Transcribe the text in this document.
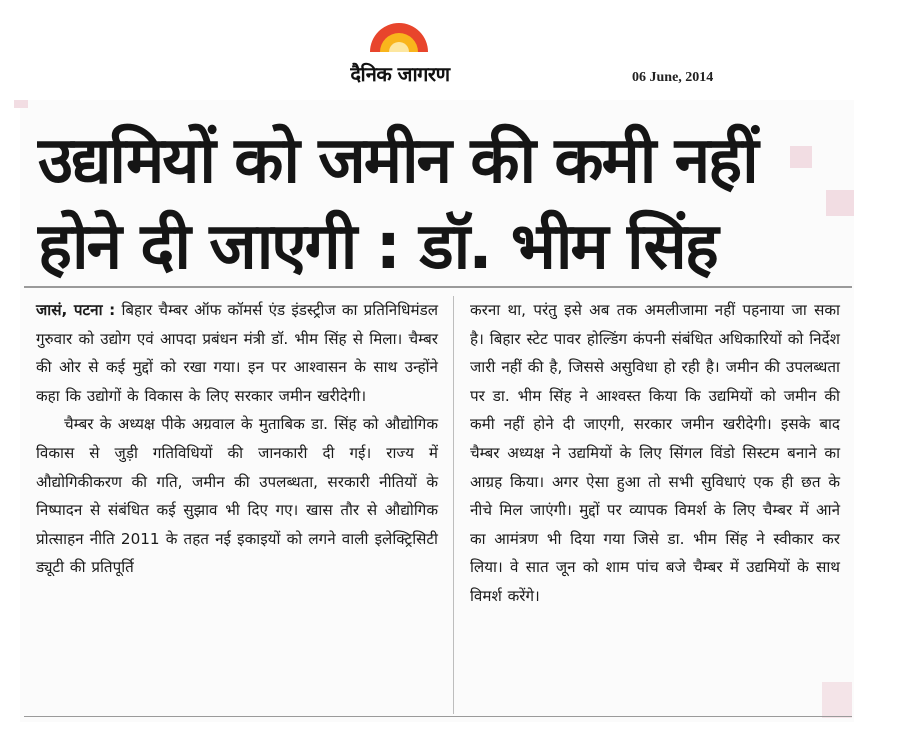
दैनिक जागरण	06 June, 2014
उद्यमियों को जमीन की कमी नहीं
होने दी जाएगी : डॉ. भीम सिंह
जासं, पटना : बिहार चैम्बर ऑफ कॉमर्स एंड इंडस्ट्रीज का प्रतिनिधिमंडल गुरुवार को उद्योग एवं आपदा प्रबंधन मंत्री डॉ. भीम सिंह से मिला। चैम्बर की ओर से कई मुद्दों को रखा गया। इन पर आश्वासन के साथ उन्होंने कहा कि उद्योगों के विकास के लिए सरकार जमीन खरीदेगी।
चैम्बर के अध्यक्ष पीके अग्रवाल के मुताबिक डा. सिंह को औद्योगिक विकास से जुड़ी गतिविधियों की जानकारी दी गई। राज्य में औद्योगिकीकरण की गति, जमीन की उपलब्धता, सरकारी नीतियों के निष्पादन से संबंधित कई सुझाव भी दिए गए। खास तौर से औद्योगिक प्रोत्साहन नीति 2011 के तहत नई इकाइयों को लगने वाली इलेक्ट्रिसिटी ड्यूटी की प्रतिपूर्ति
करना था, परंतु इसे अब तक अमलीजामा नहीं पहनाया जा सका है। बिहार स्टेट पावर होल्डिंग कंपनी संबंधित अधिकारियों को निर्देश जारी नहीं की है, जिससे असुविधा हो रही है। जमीन की उपलब्धता पर डा. भीम सिंह ने आश्वस्त किया कि उद्यमियों को जमीन की कमी नहीं होने दी जाएगी, सरकार जमीन खरीदेगी। इसके बाद चैम्बर अध्यक्ष ने उद्यमियों के लिए सिंगल विंडो सिस्टम बनाने का आग्रह किया। अगर ऐसा हुआ तो सभी सुविधाएं एक ही छत के नीचे मिल जाएंगी। मुद्दों पर व्यापक विमर्श के लिए चैम्बर में आने का आमंत्रण भी दिया गया जिसे डा. भीम सिंह ने स्वीकार कर लिया। वे सात जून को शाम पांच बजे चैम्बर में उद्यमियों के साथ विमर्श करेंगे।
